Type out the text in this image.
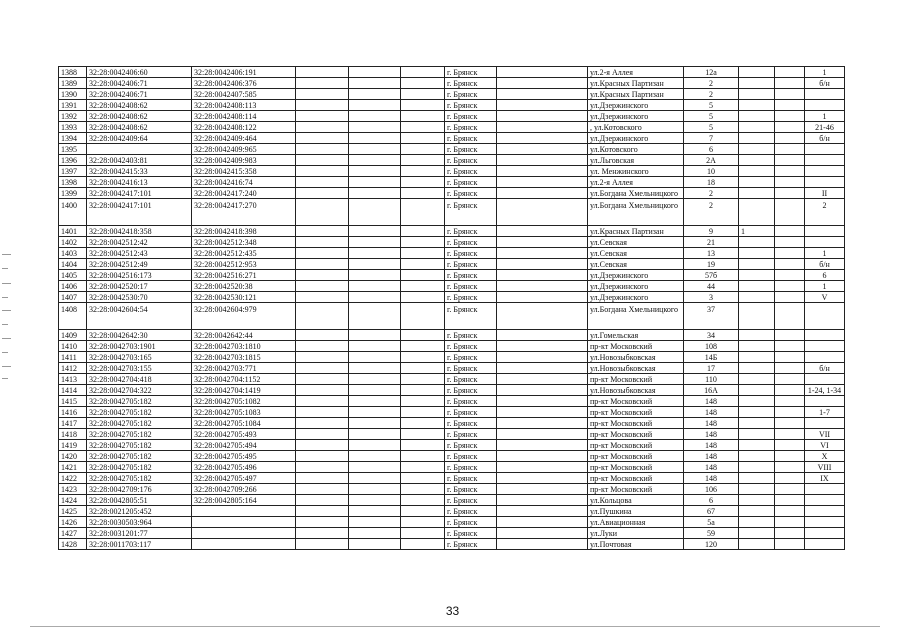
1388	32:28:0042406:60	32:28:0042406:191				г. Брянск		ул.2-я Аллея	12а			1
1389	32:28:0042406:71	32:28:0042406:376				г. Брянск		ул.Красных Партизан	2			б/н
1390	32:28:0042406:71	32:28:0042407:585				г. Брянск		ул.Красных Партизан	2			
1391	32:28:0042408:62	32:28:0042408:113				г. Брянск		ул.Дзержинского	5			
1392	32:28:0042408:62	32:28:0042408:114				г. Брянск		ул.Дзержинского	5			1
1393	32:28:0042408:62	32:28:0042408:122				г. Брянск		, ул.Котовского	5			21-46
1394	32:28:0042409:64	32:28:0042409:464				г. Брянск		ул.Дзержинского	7			б/н
1395		32:28:0042409:965				г. Брянск		ул.Котовского	6			
1396	32:28:0042403:81	32:28:0042409:983				г. Брянск		ул.Льговская	2А			
1397	32:28:0042415:33	32:28:0042415:358				г. Брянск		ул. Менжинского	10			
1398	32:28:0042416:13	32:28:0042416:74				г. Брянск		ул.2-я Аллея	18			
1399	32:28:0042417:101	32:28:0042417:240				г. Брянск		ул.Богдана Хмельницкого	2			II
1400	32:28:0042417:101	32:28:0042417:270				г. Брянск		ул.Богдана Хмельницкого	2			2
1401	32:28:0042418:358	32:28:0042418:398				г. Брянск		ул.Красных Партизан	9	1		
1402	32:28:0042512:42	32:28:0042512:348				г. Брянск		ул.Севская	21			
1403	32:28:0042512:43	32:28:0042512:435				г. Брянск		ул.Севская	13			1
1404	32:28:0042512:49	32:28:0042512:953				г. Брянск		ул.Севская	19			б/н
1405	32:28:0042516:173	32:28:0042516:271				г. Брянск		ул.Дзержинского	57б			6
1406	32:28:0042520:17	32:28:0042520:38				г. Брянск		ул.Дзержинского	44			1
1407	32:28:0042530:70	32:28:0042530:121				г. Брянск		ул.Дзержинского	3			V
1408	32:28:0042604:54	32:28:0042604:979				г. Брянск		ул.Богдана Хмельницкого	37			
1409	32:28:0042642:30	32:28:0042642:44				г. Брянск		ул.Гомельская	34			
1410	32:28:0042703:1901	32:28:0042703:1810				г. Брянск		пр-кт Московский	108			
1411	32:28:0042703:165	32:28:0042703:1815				г. Брянск		ул.Новозыбковская	14Б			
1412	32:28:0042703:155	32:28:0042703:771				г. Брянск		ул.Новозыбковская	17			б/н
1413	32:28:0042704:418	32:28:0042704:1152				г. Брянск		пр-кт Московский	110			
1414	32:28:0042704:322	32:28:0042704:1419				г. Брянск		ул.Новозыбковская	16А			1-24, 1-34
1415	32:28:0042705:182	32:28:0042705:1082				г. Брянск		пр-кт Московский	148			
1416	32:28:0042705:182	32:28:0042705:1083				г. Брянск		пр-кт Московский	148			1-7
1417	32:28:0042705:182	32:28:0042705:1084				г. Брянск		пр-кт Московский	148			
1418	32:28:0042705:182	32:28:0042705:493				г. Брянск		пр-кт Московский	148			VII
1419	32:28:0042705:182	32:28:0042705:494				г. Брянск		пр-кт Московский	148			VI
1420	32:28:0042705:182	32:28:0042705:495				г. Брянск		пр-кт Московский	148			X
1421	32:28:0042705:182	32:28:0042705:496				г. Брянск		пр-кт Московский	148			VIII
1422	32:28:0042705:182	32:28:0042705:497				г. Брянск		пр-кт Московский	148			IX
1423	32:28:0042709:176	32:28:0042709:266				г. Брянск		пр-кт Московский	106			
1424	32:28:0042805:51	32:28:0042805:164				г. Брянск		ул.Кольцова	6			
1425	32:28:0021205:452					г. Брянск		ул.Пушкина	67			
1426	32:28:0030503:964					г. Брянск		ул.Авиационная	5а			
1427	32:28:0031201:77					г. Брянск		ул.Луки	59			
1428	32:28:0011703:117					г. Брянск		ул.Почтовая	120			
33
